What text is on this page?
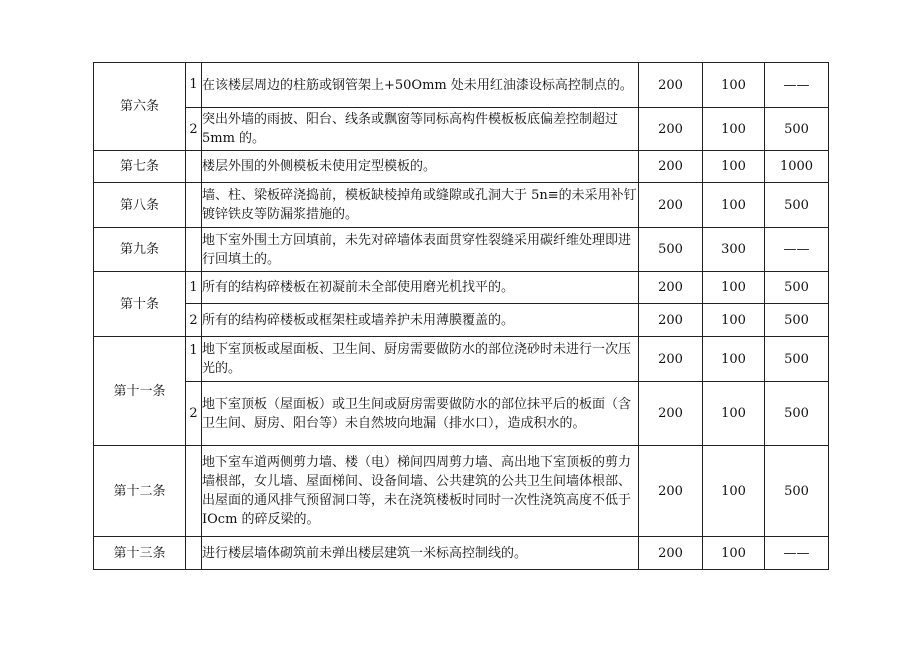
第六条	1	在该楼层周边的柱筋或钢管架上+50Omm 处未用红油漆设标高控制点的。	200	100	——
	2	突出外墙的雨披、阳台、线条或飘窗等同标高构件模板板底偏差控制超过 5mm 的。	200	100	500
第七条		楼层外围的外侧模板未使用定型模板的。	200	100	1000
第八条		墙、柱、梁板碎浇捣前，模板缺棱掉角或缝隙或孔洞大于 5n≡的未采用补钉镀锌铁皮等防漏浆措施的。	200	100	500
第九条		地下室外围土方回填前，未先对碎墙体表面贯穿性裂缝采用碳纤维处理即进行回填土的。	500	300	——
第十条	1	所有的结构碎楼板在初凝前未全部使用磨光机找平的。	200	100	500
	2	所有的结构碎楼板或框架柱或墙养护未用薄膜覆盖的。	200	100	500
第十一条	1	地下室顶板或屋面板、卫生间、厨房需要做防水的部位浇砂时未进行一次压光的。	200	100	500
	2	地下室顶板（屋面板）或卫生间或厨房需要做防水的部位抹平后的板面（含卫生间、厨房、阳台等）未自然坡向地漏（排水口），造成积水的。	200	100	500
第十二条		地下室车道两侧剪力墙、楼（电）梯间四周剪力墙、高出地下室顶板的剪力墙根部，女儿墙、屋面梯间、设备间墙、公共建筑的公共卫生间墙体根部、出屋面的通风排气预留洞口等，未在浇筑楼板时同时一次性浇筑高度不低于 IOcm 的碎反梁的。	200	100	500
第十三条		进行楼层墙体砌筑前未弹出楼层建筑一米标高控制线的。	200	100	——
